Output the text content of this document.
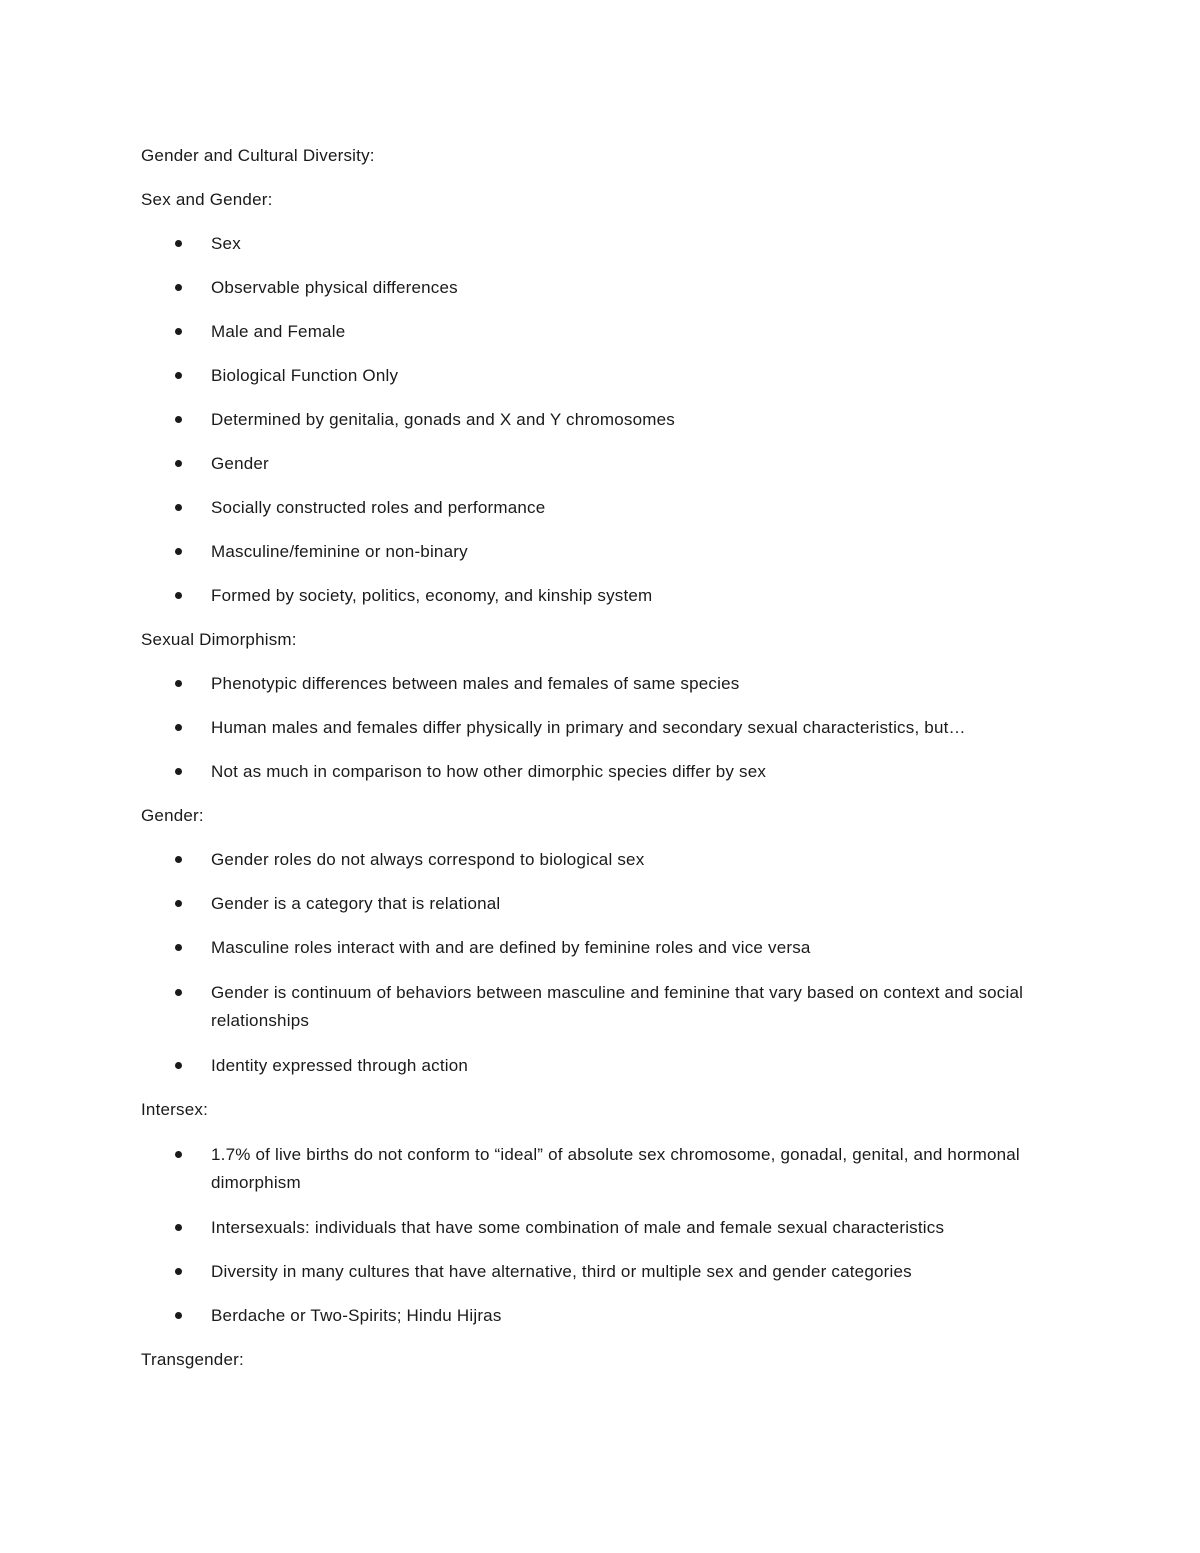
Gender and Cultural Diversity:

Sex and Gender:

Sex
Observable physical differences
Male and Female
Biological Function Only
Determined by genitalia, gonads and X and Y chromosomes
Gender
Socially constructed roles and performance
Masculine/feminine or non-binary
Formed by society, politics, economy, and kinship system

Sexual Dimorphism:

Phenotypic differences between males and females of same species
Human males and females differ physically in primary and secondary sexual characteristics, but…
Not as much in comparison to how other dimorphic species differ by sex

Gender:

Gender roles do not always correspond to biological sex
Gender is a category that is relational
Masculine roles interact with and are defined by feminine roles and vice versa
Gender is continuum of behaviors between masculine and feminine that vary based on context and social relationships
Identity expressed through action

Intersex:

1.7% of live births do not conform to “ideal” of absolute sex chromosome, gonadal, genital, and hormonal dimorphism
Intersexuals: individuals that have some combination of male and female sexual characteristics
Diversity in many cultures that have alternative, third or multiple sex and gender categories
Berdache or Two-Spirits; Hindu Hijras

Transgender:
